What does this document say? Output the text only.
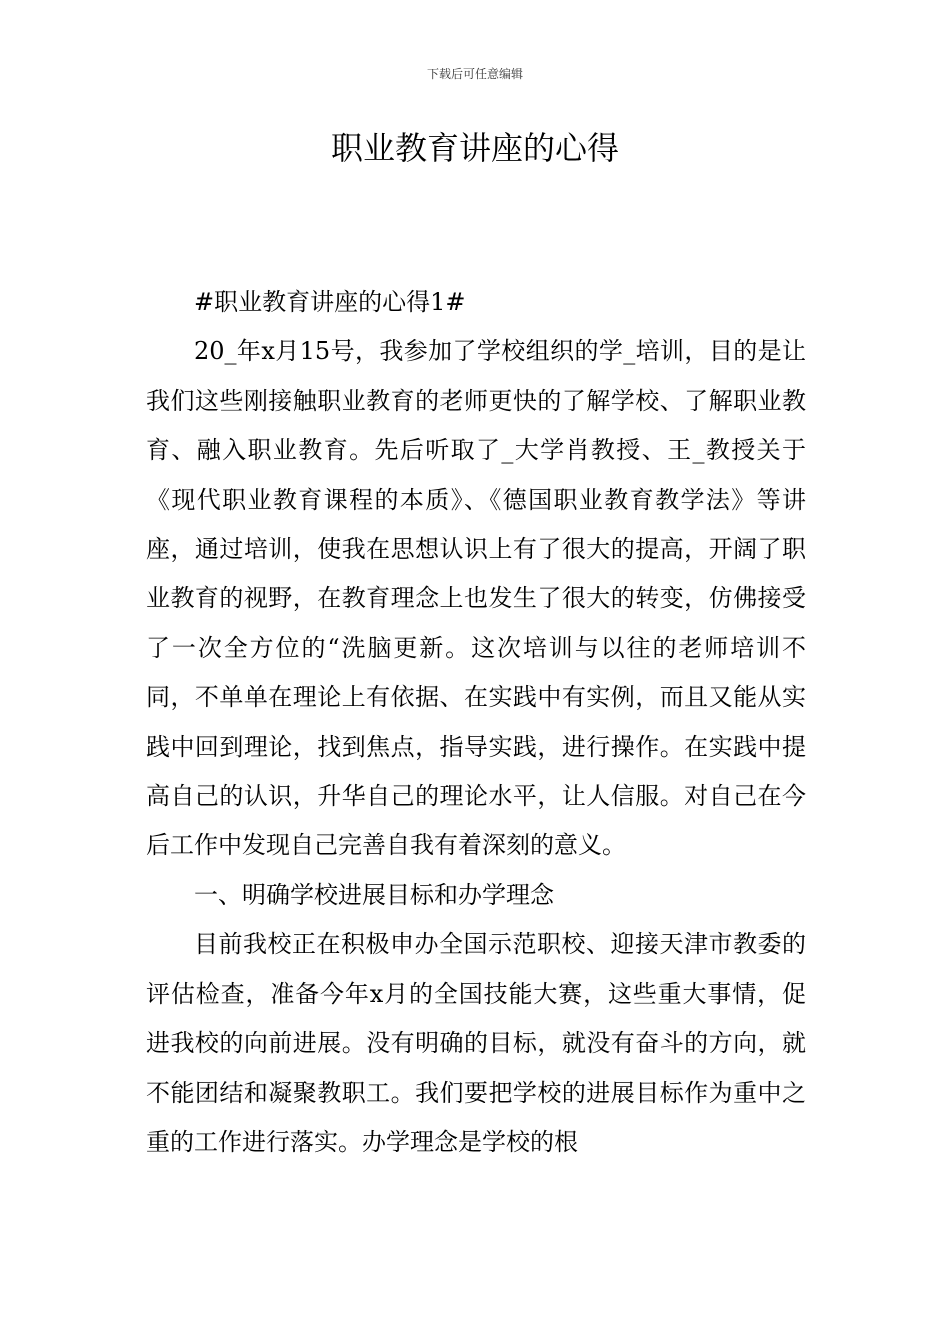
下载后可任意编辑
职业教育讲座的心得

#职业教育讲座的心得1#

20_年x月15号，我参加了学校组织的学_培训，目的是让我们这些刚接触职业教育的老师更快的了解学校、了解职业教育、融入职业教育。先后听取了_大学肖教授、王_教授关于《现代职业教育课程的本质》、《德国职业教育教学法》等讲座，通过培训，使我在思想认识上有了很大的提高，开阔了职业教育的视野，在教育理念上也发生了很大的转变，仿佛接受了一次全方位的“洗脑更新。这次培训与以往的老师培训不同，不单单在理论上有依据、在实践中有实例，而且又能从实践中回到理论，找到焦点，指导实践，进行操作。在实践中提高自己的认识，升华自己的理论水平，让人信服。对自己在今后工作中发现自己完善自我有着深刻的意义。

一、明确学校进展目标和办学理念

目前我校正在积极申办全国示范职校、迎接天津市教委的评估检查，准备今年x月的全国技能大赛，这些重大事情，促进我校的向前进展。没有明确的目标，就没有奋斗的方向，就不能团结和凝聚教职工。我们要把学校的进展目标作为重中之重的工作进行落实。办学理念是学校的根
